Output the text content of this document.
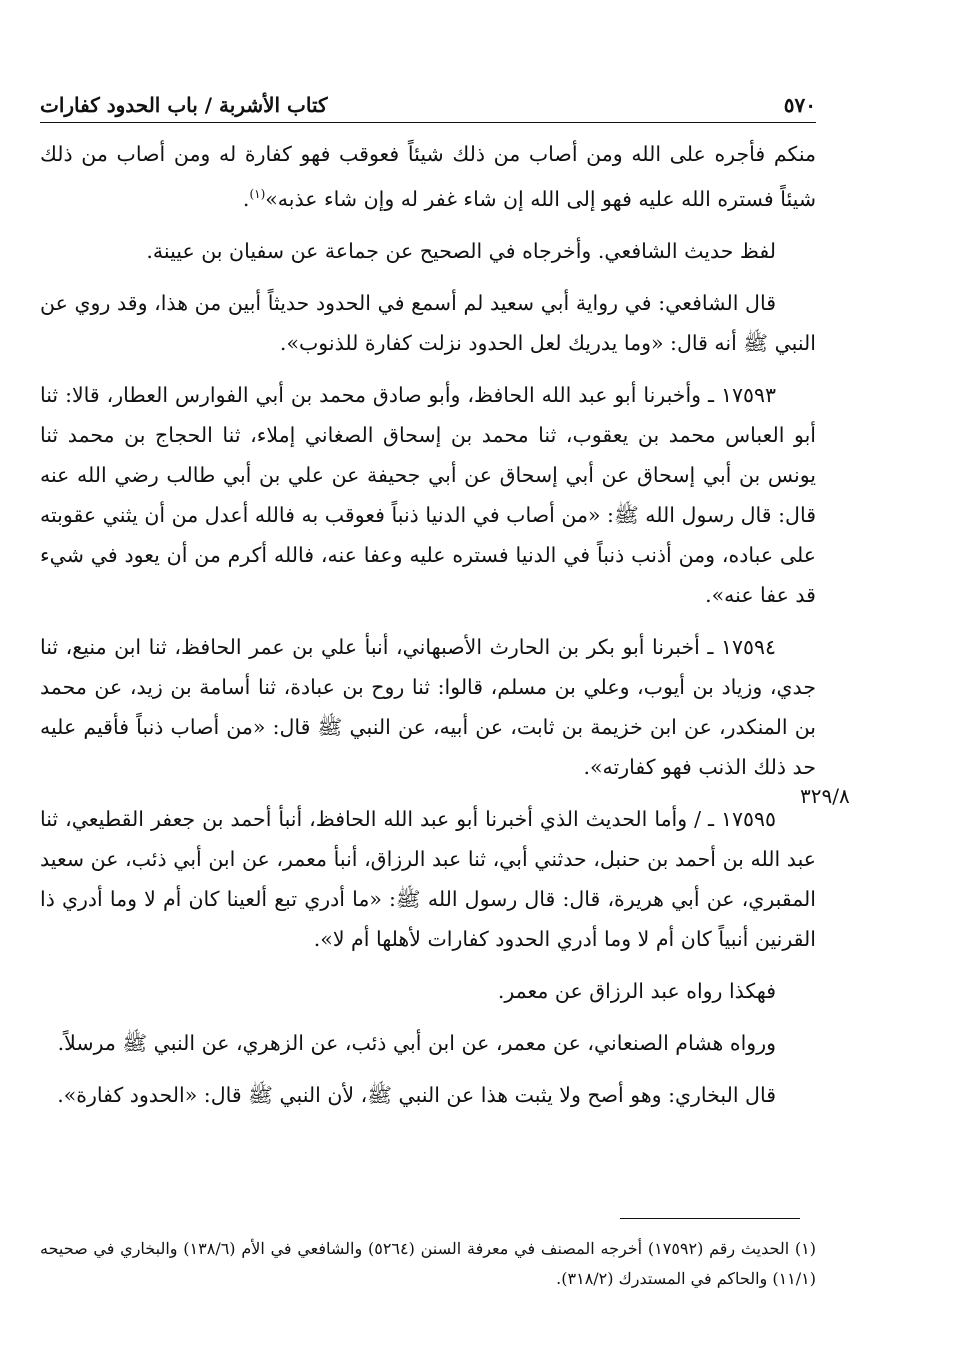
٥٧٠
كتاب الأشربة / باب الحدود كفارات
٣٢٩/٨

منكم فأجره على الله ومن أصاب من ذلك شيئاً فعوقب فهو كفارة له ومن أصاب من ذلك شيئاً فستره الله عليه فهو إلى الله إن شاء غفر له وإن شاء عذبه»$^{(١)}$.

لفظ حديث الشافعي. وأخرجاه في الصحيح عن جماعة عن سفيان بن عيينة.

قال الشافعي: في رواية أبي سعيد لم أسمع في الحدود حديثاً أبين من هذا، وقد روي عن النبي ﷺ أنه قال: «وما يدريك لعل الحدود نزلت كفارة للذنوب».

١٧٥٩٣ ـ وأخبرنا أبو عبد الله الحافظ، وأبو صادق محمد بن أبي الفوارس العطار، قالا: ثنا أبو العباس محمد بن يعقوب، ثنا محمد بن إسحاق الصغاني إملاء، ثنا الحجاج بن محمد ثنا يونس بن أبي إسحاق عن أبي إسحاق عن أبي جحيفة عن علي بن أبي طالب رضي الله عنه قال: قال رسول الله ﷺ: «من أصاب في الدنيا ذنباً فعوقب به فالله أعدل من أن يثني عقوبته على عباده، ومن أذنب ذنباً في الدنيا فستره عليه وعفا عنه، فالله أكرم من أن يعود في شيء قد عفا عنه».

١٧٥٩٤ ـ أخبرنا أبو بكر بن الحارث الأصبهاني، أنبأ علي بن عمر الحافظ، ثنا ابن منيع، ثنا جدي، وزياد بن أيوب، وعلي بن مسلم، قالوا: ثنا روح بن عبادة، ثنا أسامة بن زيد، عن محمد بن المنكدر، عن ابن خزيمة بن ثابت، عن أبيه، عن النبي ﷺ قال: «من أصاب ذنباً فأقيم عليه حد ذلك الذنب فهو كفارته».

١٧٥٩٥ ـ / وأما الحديث الذي أخبرنا أبو عبد الله الحافظ، أنبأ أحمد بن جعفر القطيعي، ثنا عبد الله بن أحمد بن حنبل، حدثني أبي، ثنا عبد الرزاق، أنبأ معمر، عن ابن أبي ذئب، عن سعيد المقبري، عن أبي هريرة، قال: قال رسول الله ﷺ: «ما أدري تبع ألعينا كان أم لا وما أدري ذا القرنين أنبياً كان أم لا وما أدري الحدود كفارات لأهلها أم لا».

فهكذا رواه عبد الرزاق عن معمر.

ورواه هشام الصنعاني، عن معمر، عن ابن أبي ذئب، عن الزهري، عن النبي ﷺ مرسلاً.

قال البخاري: وهو أصح ولا يثبت هذا عن النبي ﷺ، لأن النبي ﷺ قال: «الحدود كفارة».

(١) الحديث رقم (١٧٥٩٢) أخرجه المصنف في معرفة السنن (٥٢٦٤) والشافعي في الأم (١٣٨/٦) والبخاري في صحيحه (١١/١) والحاكم في المستدرك (٣١٨/٢).
